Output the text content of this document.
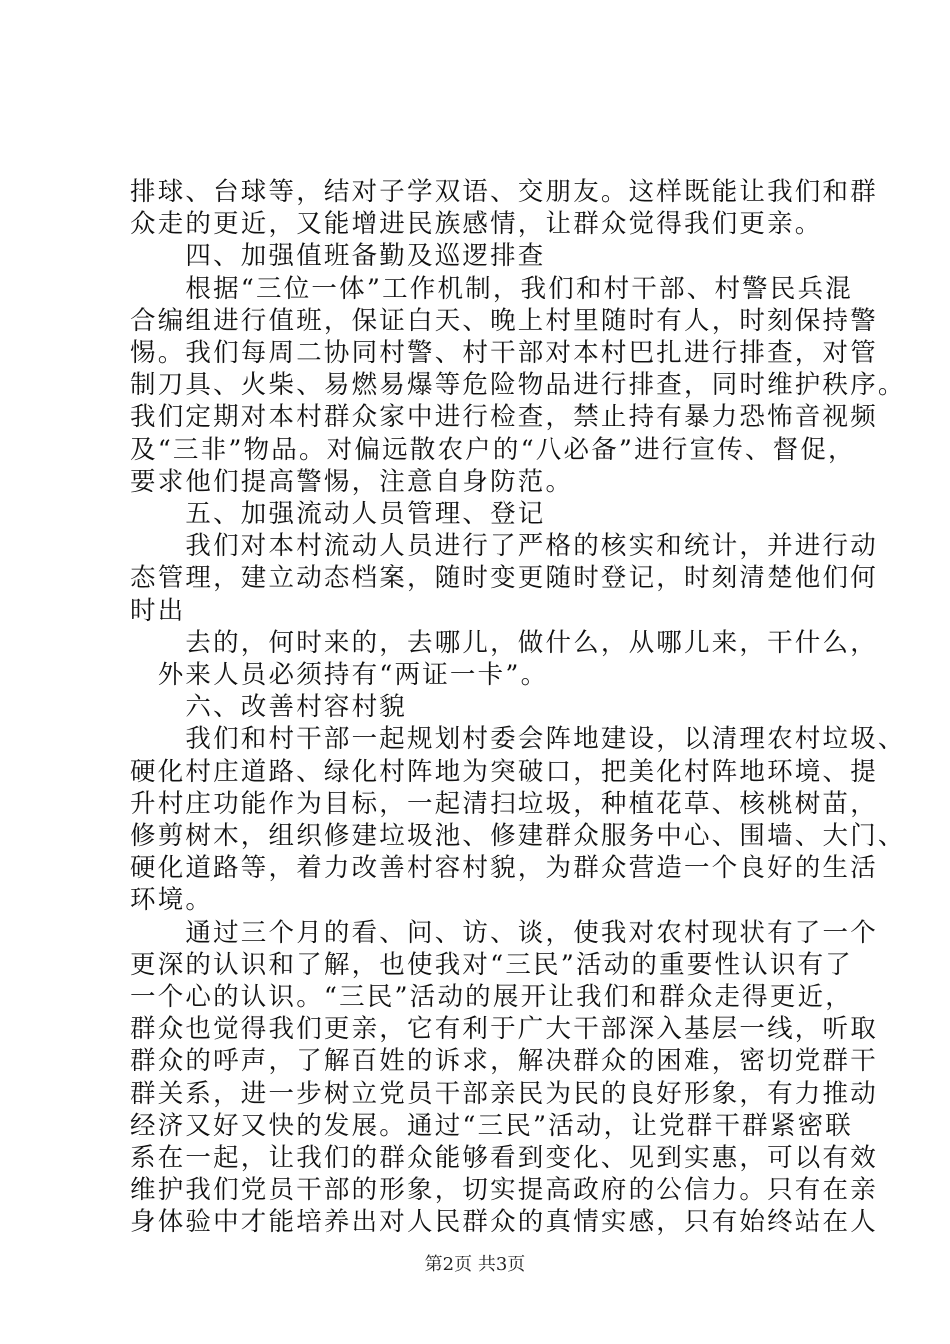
排球、台球等，结对子学双语、交朋友。这样既能让我们和群
众走的更近，又能增进民族感情，让群众觉得我们更亲。
　　四、加强值班备勤及巡逻排查
　　根据“三位一体”工作机制，我们和村干部、村警民兵混
合编组进行值班，保证白天、晚上村里随时有人，时刻保持警
惕。我们每周二协同村警、村干部对本村巴扎进行排查，对管
制刀具、火柴、易燃易爆等危险物品进行排查，同时维护秩序。
我们定期对本村群众家中进行检查，禁止持有暴力恐怖音视频
及“三非”物品。对偏远散农户的“八必备”进行宣传、督促，
要求他们提高警惕，注意自身防范。
　　五、加强流动人员管理、登记
　　我们对本村流动人员进行了严格的核实和统计，并进行动
态管理，建立动态档案，随时变更随时登记，时刻清楚他们何
时出
　　去的，何时来的，去哪儿，做什么，从哪儿来，干什么，
　外来人员必须持有“两证一卡”。
　　六、改善村容村貌
　　我们和村干部一起规划村委会阵地建设，以清理农村垃圾、
硬化村庄道路、绿化村阵地为突破口，把美化村阵地环境、提
升村庄功能作为目标，一起清扫垃圾，种植花草、核桃树苗，
修剪树木，组织修建垃圾池、修建群众服务中心、围墙、大门、
硬化道路等，着力改善村容村貌，为群众营造一个良好的生活
环境。
　　通过三个月的看、问、访、谈，使我对农村现状有了一个
更深的认识和了解，也使我对“三民”活动的重要性认识有了
一个心的认识。“三民”活动的展开让我们和群众走得更近，
群众也觉得我们更亲，它有利于广大干部深入基层一线，听取
群众的呼声，了解百姓的诉求，解决群众的困难，密切党群干
群关系，进一步树立党员干部亲民为民的良好形象，有力推动
经济又好又快的发展。通过“三民”活动，让党群干群紧密联
系在一起，让我们的群众能够看到变化、见到实惠，可以有效
维护我们党员干部的形象，切实提高政府的公信力。只有在亲
身体验中才能培养出对人民群众的真情实感，只有始终站在人
第2页 共3页
